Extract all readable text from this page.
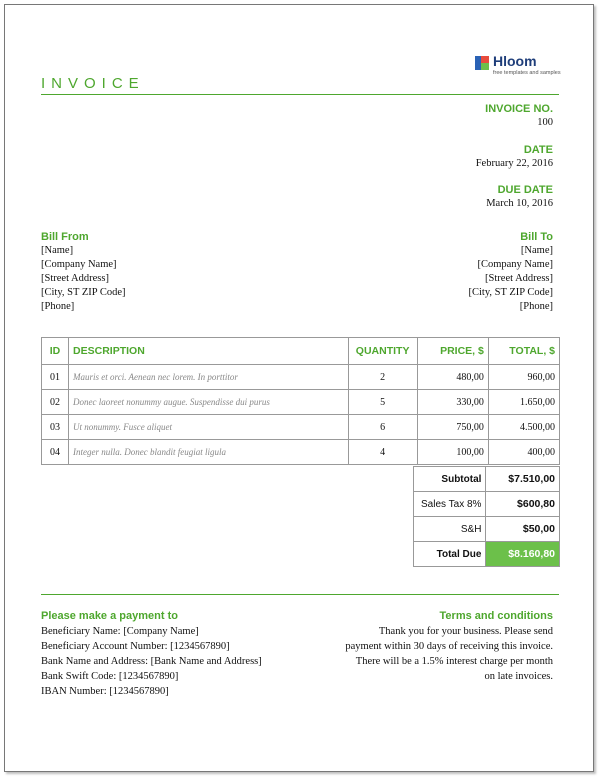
Hloom
free templates and samples
INVOICE
INVOICE NO.
100
DATE
February 22, 2016
DUE DATE
March 10, 2016
Bill From
[Name]
[Company Name]
[Street Address]
[City, ST ZIP Code]
[Phone]
Bill To
[Name]
[Company Name]
[Street Address]
[City, ST ZIP Code]
[Phone]
ID	DESCRIPTION	QUANTITY	PRICE, $	TOTAL, $
01	Mauris et orci. Aenean nec lorem. In porttitor	2	480,00	960,00
02	Donec laoreet nonummy augue. Suspendisse dui purus	5	330,00	1.650,00
03	Ut nonummy. Fusce aliquet	6	750,00	4.500,00
04	Integer nulla. Donec blandit feugiat ligula	4	100,00	400,00
Subtotal	$7.510,00
Sales Tax 8%	$600,80
S&H	$50,00
Total Due	$8.160,80
Please make a payment to
Beneficiary Name: [Company Name]
Beneficiary Account Number: [1234567890]
Bank Name and Address: [Bank Name and Address]
Bank Swift Code: [1234567890]
IBAN Number: [1234567890]
Terms and conditions
Thank you for your business. Please send payment within 30 days of receiving this invoice. There will be a 1.5% interest charge per month on late invoices.
